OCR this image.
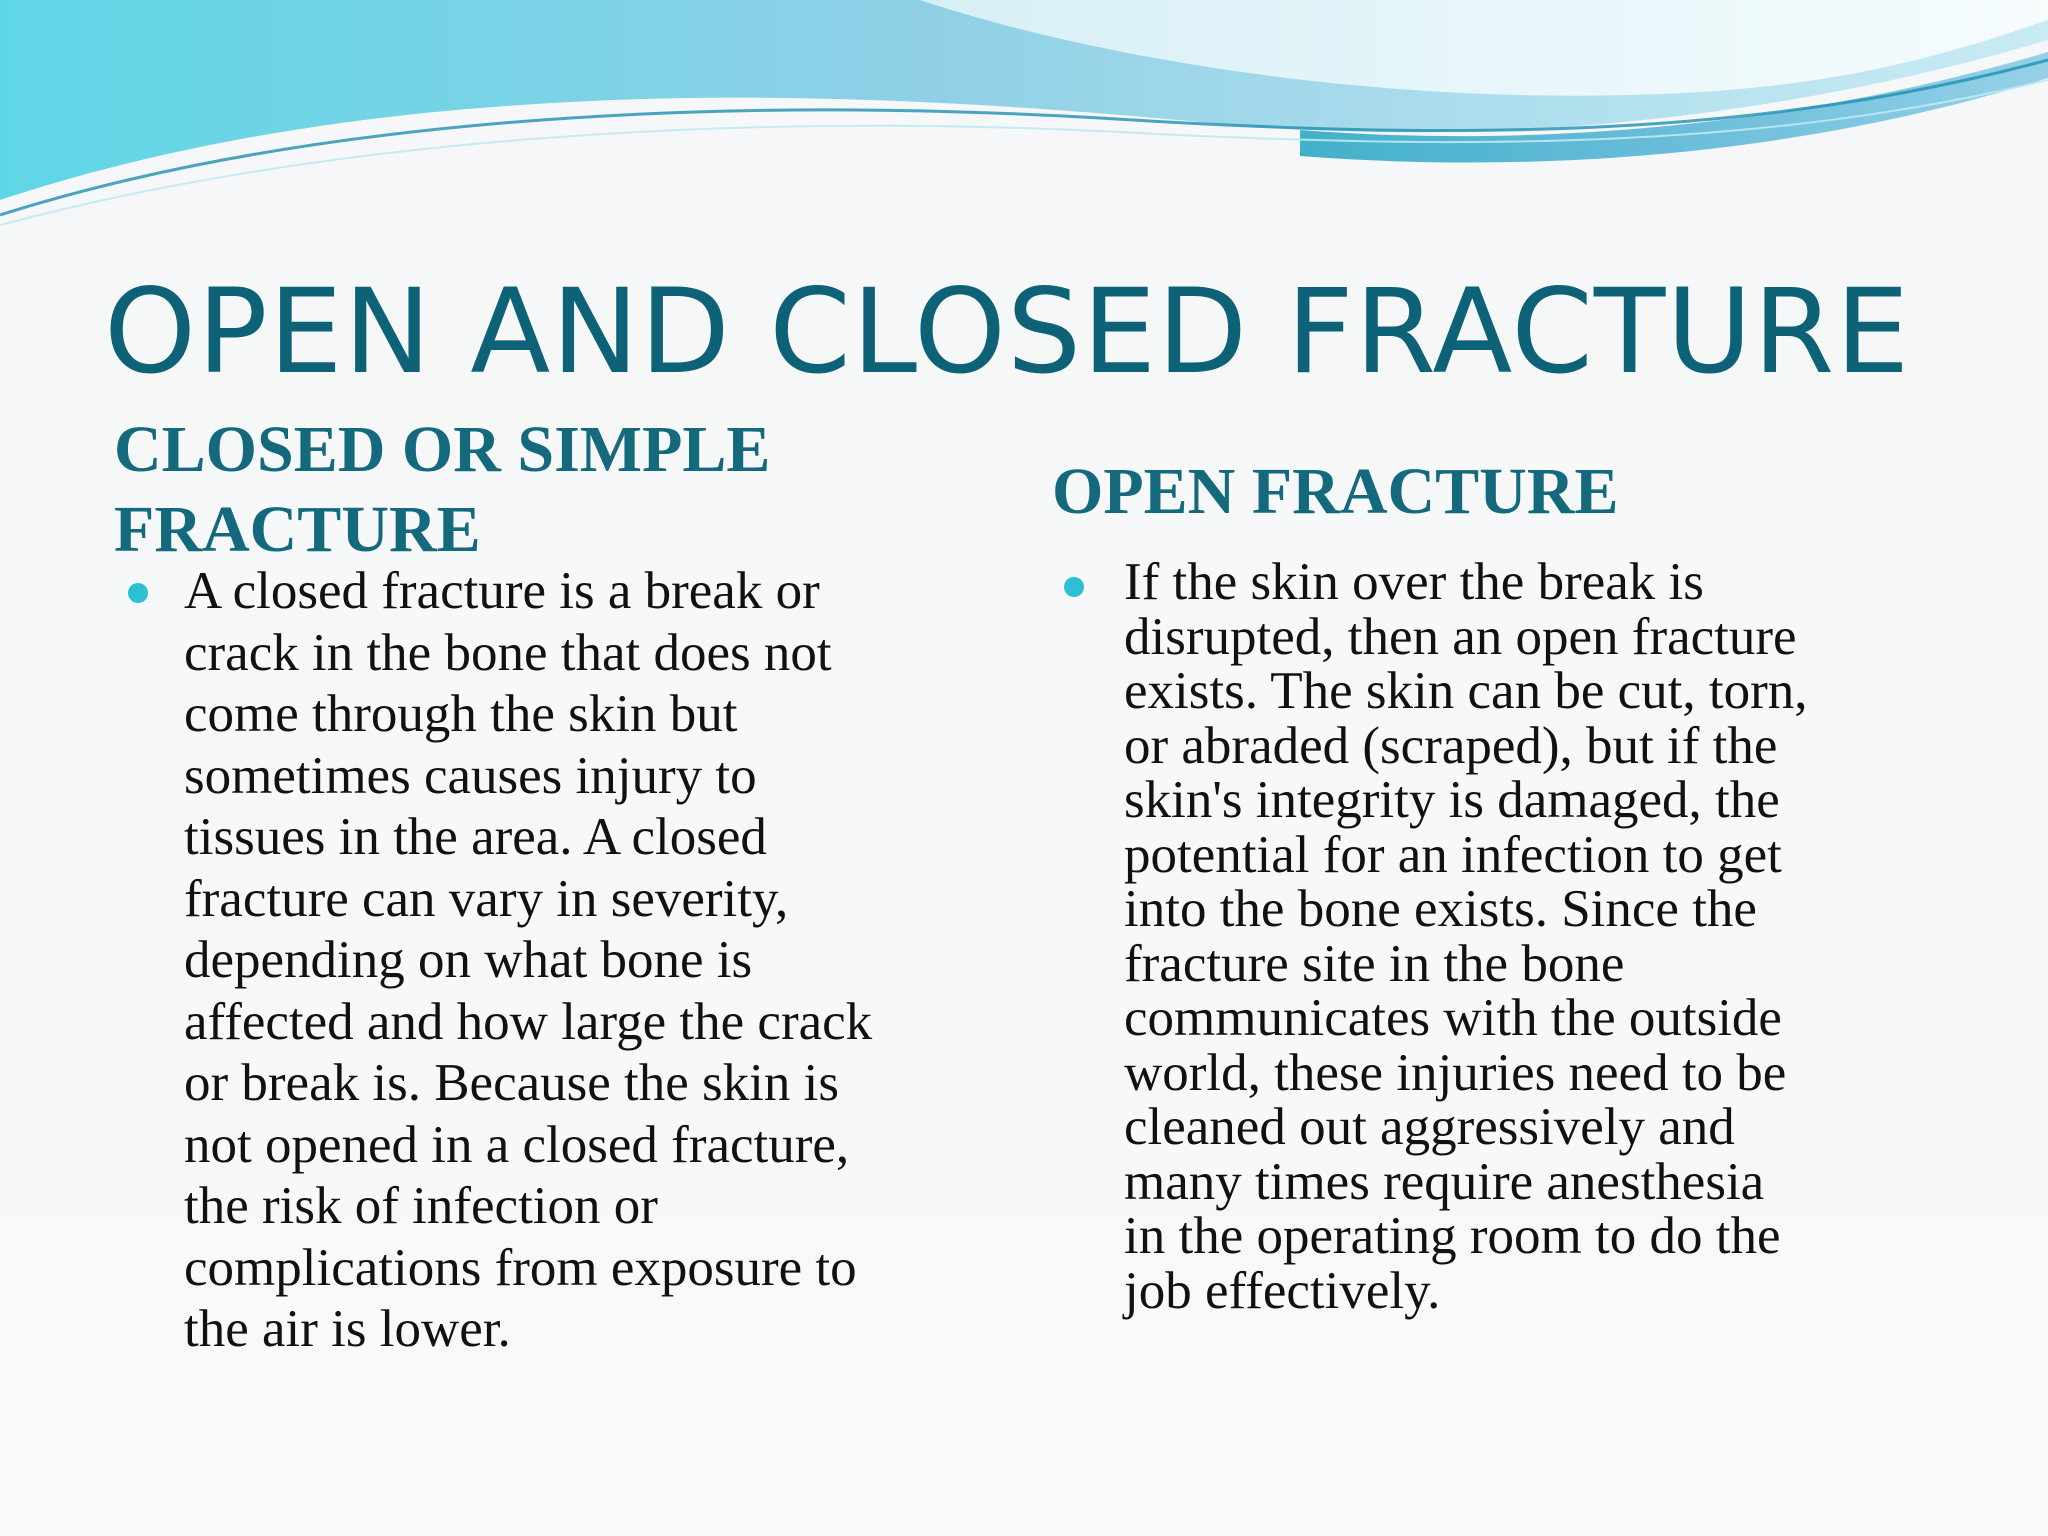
OPEN AND CLOSED FRACTURE
CLOSED OR SIMPLE
FRACTURE
OPEN FRACTURE

A closed fracture is a break or
crack in the bone that does not
come through the skin but
sometimes causes injury to
tissues in the area. A closed
fracture can vary in severity,
depending on what bone is
affected and how large the crack
or break is. Because the skin is
not opened in a closed fracture,
the risk of infection or
complications from exposure to
the air is lower.

If the skin over the break is
disrupted, then an open fracture
exists. The skin can be cut, torn,
or abraded (scraped), but if the
skin's integrity is damaged, the
potential for an infection to get
into the bone exists. Since the
fracture site in the bone
communicates with the outside
world, these injuries need to be
cleaned out aggressively and
many times require anesthesia
in the operating room to do the
job effectively.
